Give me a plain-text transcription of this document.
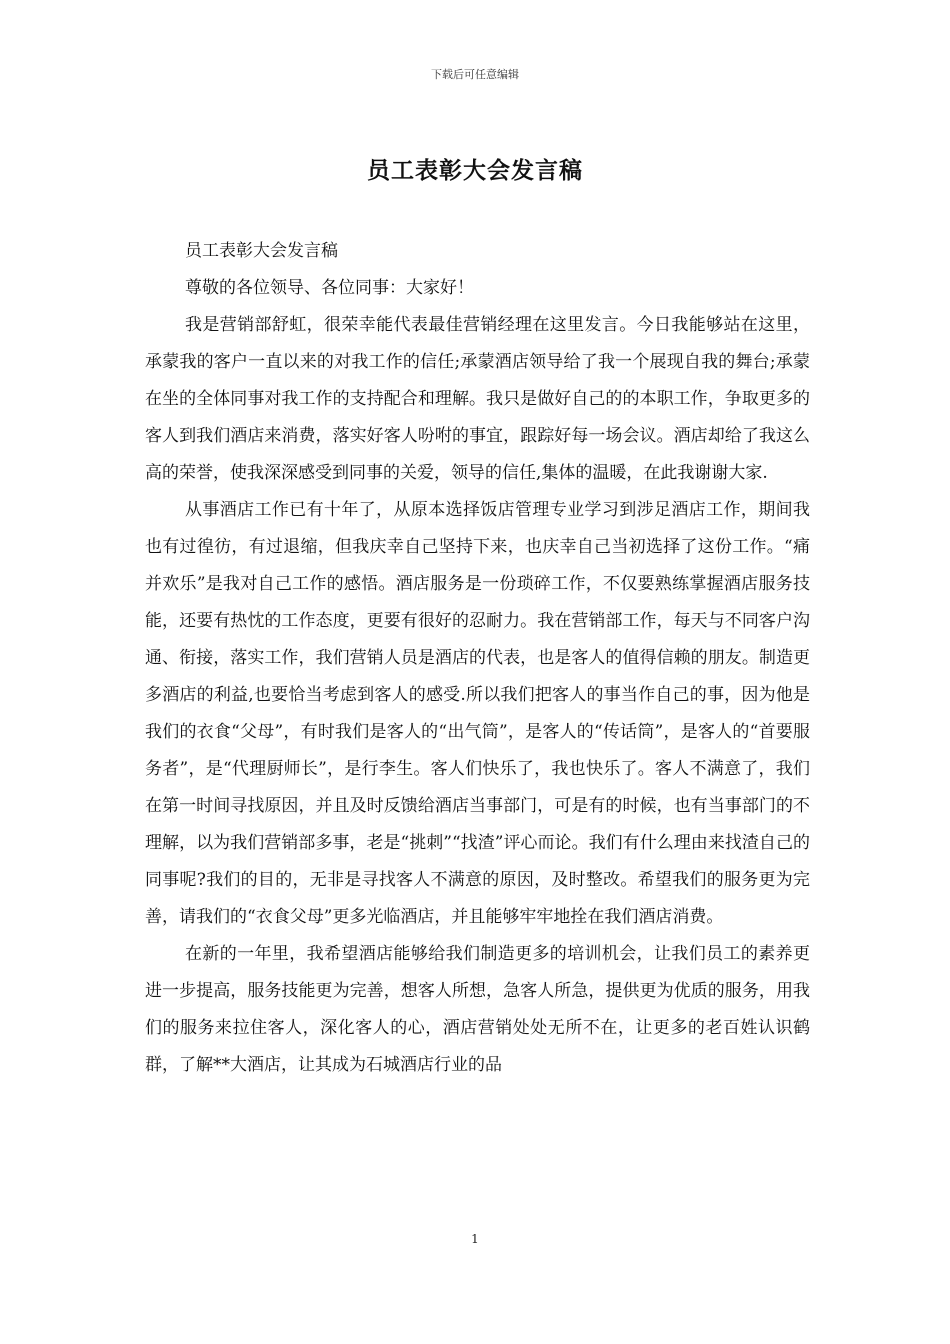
下载后可任意编辑
员工表彰大会发言稿

员工表彰大会发言稿

尊敬的各位领导、各位同事：大家好！

我是营销部舒虹，很荣幸能代表最佳营销经理在这里发言。今日我能够站在这里，承蒙我的客户一直以来的对我工作的信任;承蒙酒店领导给了我一个展现自我的舞台;承蒙在坐的全体同事对我工作的支持配合和理解。我只是做好自己的的本职工作，争取更多的客人到我们酒店来消费，落实好客人吩咐的事宜，跟踪好每一场会议。酒店却给了我这么高的荣誉，使我深深感受到同事的关爱，领导的信任,集体的温暖，在此我谢谢大家.

从事酒店工作已有十年了，从原本选择饭店管理专业学习到涉足酒店工作，期间我也有过徨彷，有过退缩，但我庆幸自己坚持下来，也庆幸自己当初选择了这份工作。“痛并欢乐”是我对自己工作的感悟。酒店服务是一份琐碎工作，不仅要熟练掌握酒店服务技能，还要有热忱的工作态度，更要有很好的忍耐力。我在营销部工作，每天与不同客户沟通、衔接，落实工作，我们营销人员是酒店的代表，也是客人的值得信赖的朋友。制造更多酒店的利益,也要恰当考虑到客人的感受.所以我们把客人的事当作自己的事，因为他是我们的衣食“父母”，有时我们是客人的“出气筒”，是客人的“传话筒”，是客人的“首要服务者”，是“代理厨师长”，是行李生。客人们快乐了，我也快乐了。客人不满意了，我们在第一时间寻找原因，并且及时反馈给酒店当事部门，可是有的时候，也有当事部门的不理解，以为我们营销部多事，老是“挑刺”“找渣”评心而论。我们有什么理由来找渣自己的同事呢?我们的目的，无非是寻找客人不满意的原因，及时整改。希望我们的服务更为完善，请我们的“衣食父母”更多光临酒店，并且能够牢牢地拴在我们酒店消费。

在新的一年里，我希望酒店能够给我们制造更多的培训机会，让我们员工的素养更进一步提高，服务技能更为完善，想客人所想，急客人所急，提供更为优质的服务，用我们的服务来拉住客人，深化客人的心，酒店营销处处无所不在，让更多的老百姓认识鹤群，了解**大酒店，让其成为石城酒店行业的品

1
